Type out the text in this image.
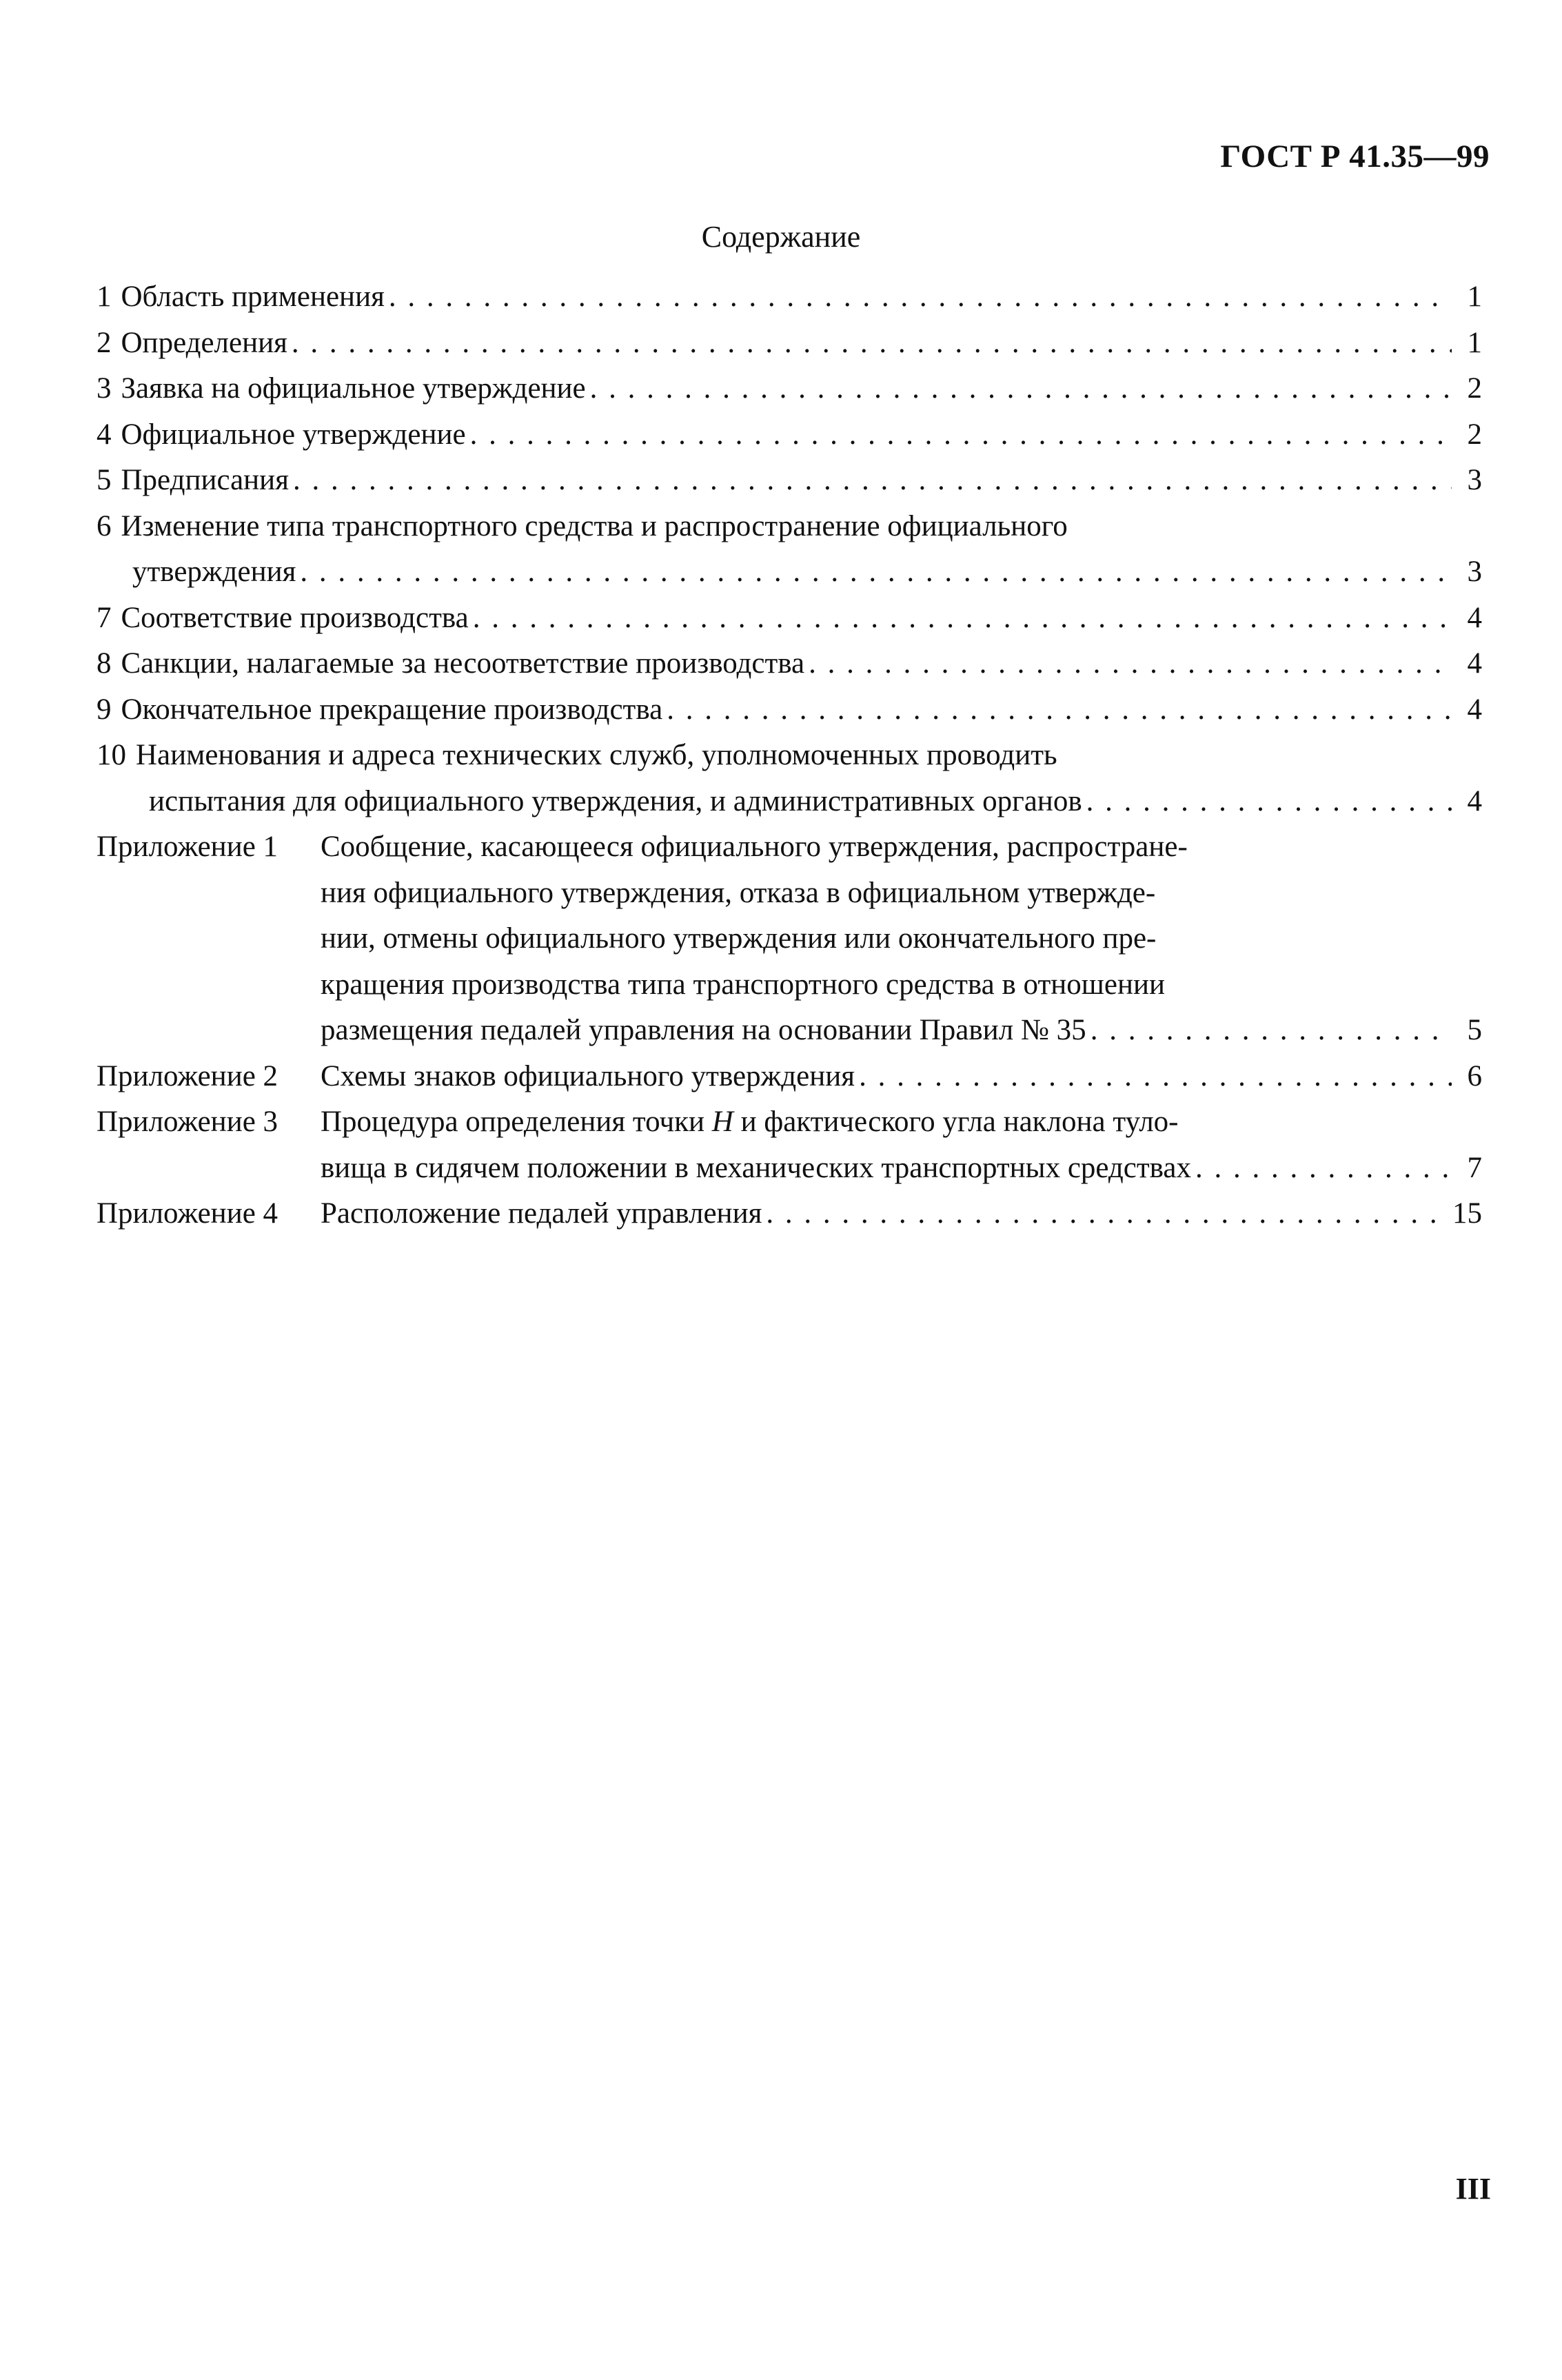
ГОСТ Р 41.35—99
Содержание
1 Область применения . . .	1
2 Определения . . .	1
3 Заявка на официальное утверждение . . .	2
4 Официальное утверждение . . .	2
5 Предписания . . .	3
6 Изменение типа транспортного средства и распространение официального
утверждения . . .	3
7 Соответствие производства . . .	4
8 Санкции, налагаемые за несоответствие производства . . .	4
9 Окончательное прекращение производства . . .	4
10 Наименования и адреса технических служб, уполномоченных проводить
испытания для официального утверждения, и административных органов . . .	4
Приложение 1	Сообщение, касающееся официального утверждения, распростране-
ния официального утверждения, отказа в официальном утвержде-
нии, отмены официального утверждения или окончательного пре-
кращения производства типа транспортного средства в отношении
размещения педалей управления на основании Правил № 35 . . .	5
Приложение 2	Схемы знаков официального утверждения . . .	6
Приложение 3	Процедура определения точки H и фактического угла наклона туло-
вища в сидячем положении в механических транспортных средствах . . .	7
Приложение 4	Расположение педалей управления . . .	15
III
